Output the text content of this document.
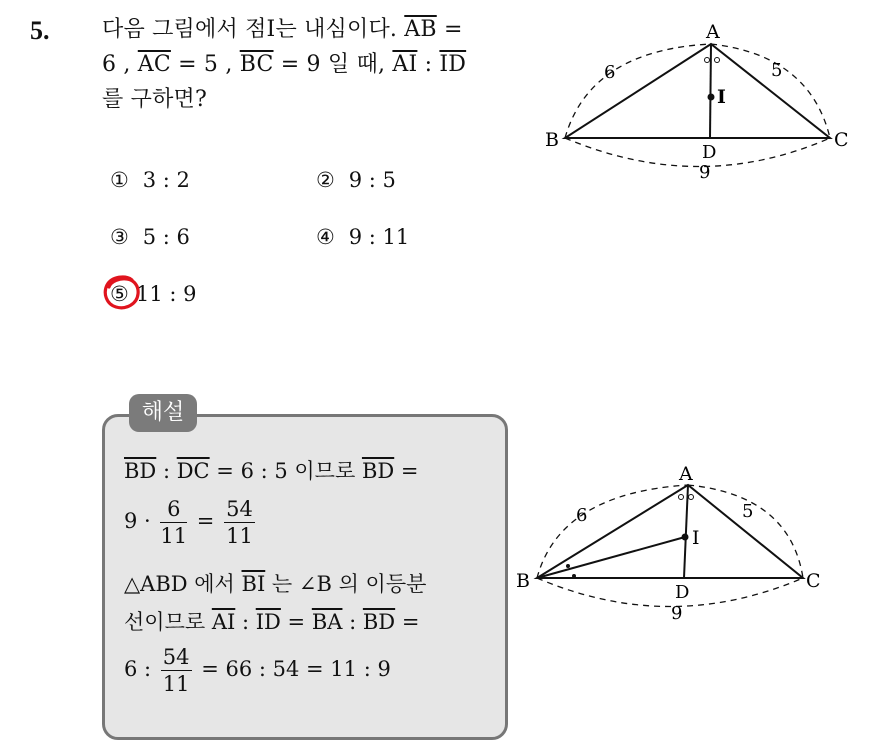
5. 다음 그림에서 점I는 내심이다. $\overline{AB}$ =
6 , $\overline{AC} = 5$ , $\overline{BC} = 9$ 일 때, $\overline{AI}$ : $\overline{ID}$
를 구하면?
① 3 : 2	② 9 : 5
③ 5 : 6	④ 9 : 11
⑤ 11 : 9
A
B	C
D
I
6	5
9
해설
$\overline{BD}$ : $\overline{DC} = 6$ : 5 이므로 $\overline{BD}$ =
$9 \cdot \frac{6}{11} = \frac{54}{11}$
△ABD 에서 $\overline{BI}$ 는 ∠B 의 이등분
선이므로 $\overline{AI}$ : $\overline{ID} = \overline{BA}$ : $\overline{BD}$ =
6 : $\frac{54}{11} = 66$ : 54 = 11 : 9
A
B	C
D
I
6	5
9
